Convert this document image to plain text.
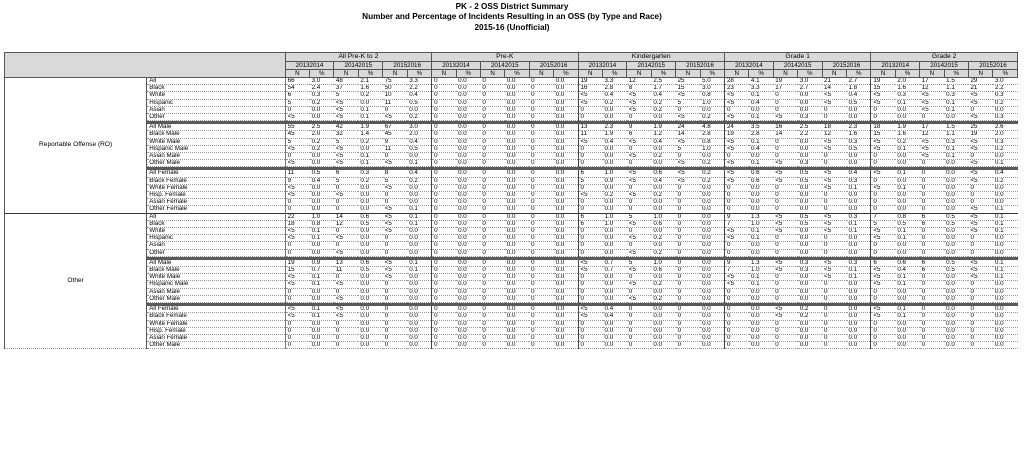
PK - 2 OSS District Summary
Number and Percentage of Incidents Resulting in an OSS (by Type and Race)
2015-16 (Unofficial)
		All Pre-K to 2						Pre-K						Kindergarten						Grade 1						Grade 2					
		20132014		20142015		20152016		20132014		20142015		20152016		20132014		20142015		20152016		20132014		20142015		20152016		20132014		20142015		20152016	
		N	%	N	%	N	%	N	%	N	%	N	%	N	%	N	%	N	%	N	%	N	%	N	%	N	%	N	%	N	%
Reportable Offense (RO)	All	66	3.0	48	2.1	75	3.3	0	0.0	0	0.0	0	0.0	19	3.3	12	2.5	25	5.0	28	4.1	19	3.0	21	2.7	19	2.0	17	1.5	29	3.0
	Black	54	2.4	37	1.6	50	2.2	0	0.0	0	0.0	0	0.0	16	2.8	8	1.7	15	3.0	23	3.3	17	2.7	14	1.8	15	1.6	12	1.1	21	2.2
	White	6	0.3	5	0.2	10	0.4	0	0.0	0	0.0	0	0.0	<5	0.4	<5	0.4	<5	0.8	<5	0.1	0	0.0	<5	0.4	<5	0.3	<5	0.3	<5	0.3
	Hispanic	5	0.2	<5	0.0	11	0.5	0	0.0	0	0.0	0	0.0	<5	0.2	<5	0.2	5	1.0	<5	0.4	0	0.0	<5	0.5	<5	0.1	<5	0.1	<5	0.2
	Asian	0	0.0	<5	0.1	0	0.0	0	0.0	0	0.0	0	0.0	0	0.0	<5	0.2	0	0.0	0	0.0	0	0.0	0	0.0	0	0.0	<5	0.1	0	0.0
	Other	<5	0.0	<5	0.1	<5	0.2	0	0.0	0	0.0	0	0.0	0	0.0	0	0.0	<5	0.2	<5	0.1	<5	0.3	0	0.0	0	0.0	0	0.0	<5	0.3

	All Male	55	2.5	42	1.9	67	3.0	0	0.0	0	0.0	0	0.0	13	2.3	9	1.9	24	4.8	24	3.5	16	2.5	18	2.3	18	1.9	17	1.5	25	2.6
	Black Male	45	2.0	32	1.4	45	2.0	0	0.0	0	0.0	0	0.0	11	1.9	6	1.2	14	2.8	19	2.8	14	2.2	12	1.6	15	1.6	12	1.1	19	2.0
	White Male	5	0.2	5	0.2	9	0.4	0	0.0	0	0.0	0	0.0	<5	0.4	<5	0.4	<5	0.8	<5	0.1	0	0.0	<5	0.3	<5	0.2	<5	0.3	<5	0.3
	Hispanic Male	<5	0.2	<5	0.0	11	0.5	0	0.0	0	0.0	0	0.0	0	0.0	0	0.0	5	1.0	<5	0.4	0	0.0	<5	0.5	<5	0.1	<5	0.1	<5	0.2
	Asian Male	0	0.0	<5	0.1	0	0.0	0	0.0	0	0.0	0	0.0	0	0.0	<5	0.2	0	0.0	0	0.0	0	0.0	0	0.0	0	0.0	<5	0.1	0	0.0
	Other Male	<5	0.0	<5	0.1	<5	0.1	0	0.0	0	0.0	0	0.0	0	0.0	0	0.0	<5	0.2	<5	0.1	<5	0.3	0	0.0	0	0.0	0	0.0	<5	0.1

	All Female	11	0.5	6	0.3	8	0.4	0	0.0	0	0.0	0	0.0	6	1.0	<5	0.6	<5	0.2	<5	0.6	<5	0.5	<5	0.4	<5	0.1	0	0.0	<5	0.4
	Black Female	9	0.4	5	0.2	5	0.2	0	0.0	0	0.0	0	0.0	5	0.9	<5	0.4	<5	0.2	<5	0.6	<5	0.5	<5	0.3	0	0.0	0	0.0	<5	0.2
	White Female	<5	0.0	0	0.0	<5	0.0	0	0.0	0	0.0	0	0.0	0	0.0	0	0.0	0	0.0	0	0.0	0	0.0	<5	0.1	<5	0.1	0	0.0	0	0.0
	Hisp. Female	<5	0.0	<5	0.0	0	0.0	0	0.0	0	0.0	0	0.0	<5	0.2	<5	0.2	0	0.0	0	0.0	0	0.0	0	0.0	0	0.0	0	0.0	0	0.0
	Asian Female	0	0.0	0	0.0	0	0.0	0	0.0	0	0.0	0	0.0	0	0.0	0	0.0	0	0.0	0	0.0	0	0.0	0	0.0	0	0.0	0	0.0	0	0.0
	Other Female	0	0.0	0	0.0	<5	0.1	0	0.0	0	0.0	0	0.0	0	0.0	0	0.0	0	0.0	0	0.0	0	0.0	0	0.0	0	0.0	0	0.0	<5	0.1
Other	All	22	1.0	14	0.6	<5	0.1	0	0.0	0	0.0	0	0.0	6	1.0	5	1.0	0	0.0	9	1.3	<5	0.5	<5	0.3	7	0.8	6	0.5	<5	0.1
	Black	18	0.8	12	0.5	<5	0.1	0	0.0	0	0.0	0	0.0	6	1.0	<5	0.6	0	0.0	7	1.0	<5	0.5	<5	0.1	5	0.5	6	0.5	<5	0.1
	White	<5	0.1	0	0.0	<5	0.0	0	0.0	0	0.0	0	0.0	0	0.0	0	0.0	0	0.0	<5	0.1	<5	0.0	<5	0.1	<5	0.1	0	0.0	<5	0.1
	Hispanic	<5	0.1	<5	0.0	0	0.0	0	0.0	0	0.0	0	0.0	0	0.0	<5	0.2	0	0.0	<5	0.1	0	0.0	0	0.0	<5	0.1	0	0.0	0	0.0
	Asian	0	0.0	0	0.0	0	0.0	0	0.0	0	0.0	0	0.0	0	0.0	0	0.0	0	0.0	0	0.0	0	0.0	0	0.0	0	0.0	0	0.0	0	0.0
	Other	0	0.0	<5	0.0	0	0.0	0	0.0	0	0.0	0	0.0	0	0.0	<5	0.2	0	0.0	0	0.0	0	0.0	0	0.0	0	0.0	0	0.0	0	0.0

	All Male	19	0.9	13	0.6	<5	0.1	0	0.0	0	0.0	0	0.0	<5	0.7	5	1.0	0	0.0	9	1.3	<5	0.3	<5	0.3	6	0.6	6	0.5	<5	0.1
	Black Male	15	0.7	11	0.5	<5	0.1	0	0.0	0	0.0	0	0.0	<5	0.7	<5	0.6	0	0.0	7	1.0	<5	0.3	<5	0.1	<5	0.4	6	0.5	<5	0.1
	White Male	<5	0.1	0	0.0	<5	0.0	0	0.0	0	0.0	0	0.0	0	0.0	0	0.0	0	0.0	<5	0.1	0	0.0	<5	0.1	<5	0.1	0	0.0	<5	0.1
	Hispanic Male	<5	0.1	<5	0.0	0	0.0	0	0.0	0	0.0	0	0.0	0	0.0	<5	0.2	0	0.0	<5	0.1	0	0.0	0	0.0	<5	0.1	0	0.0	0	0.0
	Asian Male	0	0.0	0	0.0	0	0.0	0	0.0	0	0.0	0	0.0	0	0.0	0	0.0	0	0.0	0	0.0	0	0.0	0	0.0	0	0.0	0	0.0	0	0.0
	Other Male	0	0.0	<5	0.0	0	0.0	0	0.0	0	0.0	0	0.0	0	0.0	<5	0.2	0	0.0	0	0.0	0	0.0	0	0.0	0	0.0	0	0.0	0	0.0

	All Female	<5	0.1	<5	0.0	0	0.0	0	0.0	0	0.0	0	0.0	<5	0.4	0	0.0	0	0.0	0	0.0	<5	0.2	0	0.0	<5	0.1	0	0.0	0	0.0
	Black Female	<5	0.1	<5	0.0	0	0.0	0	0.0	0	0.0	0	0.0	<5	0.4	0	0.0	0	0.0	0	0.0	<5	0.2	0	0.0	<5	0.1	0	0.0	0	0.0
	White Female	0	0.0	0	0.0	0	0.0	0	0.0	0	0.0	0	0.0	0	0.0	0	0.0	0	0.0	0	0.0	0	0.0	0	0.0	0	0.0	0	0.0	0	0.0
	Hisp. Female	0	0.0	0	0.0	0	0.0	0	0.0	0	0.0	0	0.0	0	0.0	0	0.0	0	0.0	0	0.0	0	0.0	0	0.0	0	0.0	0	0.0	0	0.0
	Asian Female	0	0.0	0	0.0	0	0.0	0	0.0	0	0.0	0	0.0	0	0.0	0	0.0	0	0.0	0	0.0	0	0.0	0	0.0	0	0.0	0	0.0	0	0.0
	Other Male	0	0.0	0	0.0	0	0.0	0	0.0	0	0.0	0	0.0	0	0.0	0	0.0	0	0.0	0	0.0	0	0.0	0	0.0	0	0.0	0	0.0	0	0.0
